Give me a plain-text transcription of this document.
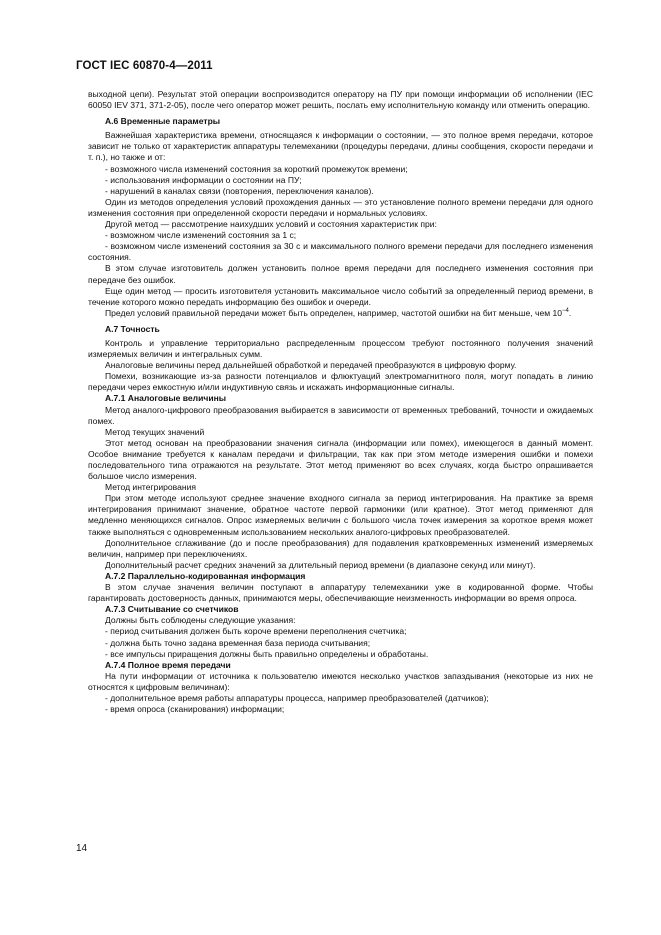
ГОСТ IEC 60870-4—2011

выходной цепи). Результат этой операции воспроизводится оператору на ПУ при помощи информации об исполнении (IEC 60050 IEV 371, 371-2-05), после чего оператор может решить, послать ему исполнительную команду или отменить операцию.

А.6 Временные параметры

Важнейшая характеристика времени, относящаяся к информации о состоянии, — это полное время передачи, которое зависит не только от характеристик аппаратуры телемеханики (процедуры передачи, длины сообщения, скорости передачи и т. п.), но также и от:

- возможного числа изменений состояния за короткий промежуток времени;

- использования информации о состоянии на ПУ;

- нарушений в каналах связи (повторения, переключения каналов).

Один из методов определения условий прохождения данных — это установление полного времени передачи для одного изменения состояния при определенной скорости передачи и нормальных условиях.

Другой метод — рассмотрение наихудших условий и состояния характеристик при:

- возможном числе изменений состояния за 1 с;

- возможном числе изменений состояния за 30 с и максимального полного времени передачи для последнего изменения состояния.

В этом случае изготовитель должен установить полное время передачи для последнего изменения состояния при передаче без ошибок.

Еще один метод — просить изготовителя установить максимальное число событий за определенный период времени, в течение которого можно передать информацию без ошибок и очереди.

Предел условий правильной передачи может быть определен, например, частотой ошибки на бит меньше, чем $10^{-4}$.

А.7 Точность

Контроль и управление территориально распределенным процессом требуют постоянного получения значений измеряемых величин и интегральных сумм.

Аналоговые величины перед дальнейшей обработкой и передачей преобразуются в цифровую форму.

Помехи, возникающие из-за разности потенциалов и флюктуаций электромагнитного поля, могут попадать в линию передачи через емкостную и/или индуктивную связь и искажать информационные сигналы.

А.7.1 Аналоговые величины

Метод аналого-цифрового преобразования выбирается в зависимости от временных требований, точности и ожидаемых помех.

Метод текущих значений

Этот метод основан на преобразовании значения сигнала (информации или помех), имеющегося в данный момент. Особое внимание требуется к каналам передачи и фильтрации, так как при этом методе измерения ошибки и помехи последовательного типа отражаются на результате. Этот метод применяют во всех случаях, когда быстро опрашивается большое число измерения.

Метод интегрирования

При этом методе используют среднее значение входного сигнала за период интегрирования. На практике за время интегрирования принимают значение, обратное частоте первой гармоники (или кратное). Этот метод применяют для медленно меняющихся сигналов. Опрос измеряемых величин с большого числа точек измерения за короткое время может также выполняться с одновременным использованием нескольких аналого-цифровых преобразователей.

Дополнительное сглаживание (до и после преобразования) для подавления кратковременных изменений измеряемых величин, например при переключениях.

Дополнительный расчет средних значений за длительный период времени (в диапазоне секунд или минут).

А.7.2 Параллельно-кодированная информация

В этом случае значения величин поступают в аппаратуру телемеханики уже в кодированной форме. Чтобы гарантировать достоверность данных, принимаются меры, обеспечивающие неизменность информации во время опроса.

А.7.3 Считывание со счетчиков

Должны быть соблюдены следующие указания:

- период считывания должен быть короче времени переполнения счетчика;

- должна быть точно задана временная база периода считывания;

- все импульсы приращения должны быть правильно определены и обработаны.

А.7.4 Полное время передачи

На пути информации от источника к пользователю имеются несколько участков запаздывания (некоторые из них не относятся к цифровым величинам):

- дополнительное время работы аппаратуры процесса, например преобразователей (датчиков);

- время опроса (сканирования) информации;

14
